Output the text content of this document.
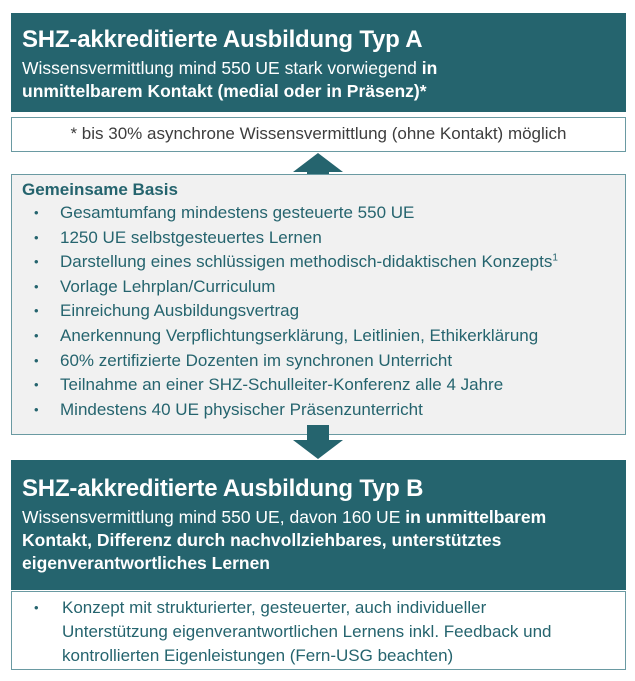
SHZ-akkreditierte Ausbildung Typ A
Wissensvermittlung mind 550 UE stark vorwiegend in
unmittelbarem Kontakt (medial oder in Präsenz)*
* bis 30% asynchrone Wissensvermittlung (ohne Kontakt) möglich
Gemeinsame Basis
• Gesamtumfang mindestens gesteuerte 550 UE
• 1250 UE selbstgesteuertes Lernen
• Darstellung eines schlüssigen methodisch-didaktischen Konzepts$^1$
• Vorlage Lehrplan/Curriculum
• Einreichung Ausbildungsvertrag
• Anerkennung Verpflichtungserklärung, Leitlinien, Ethikerklärung
• 60% zertifizierte Dozenten im synchronen Unterricht
• Teilnahme an einer SHZ-Schulleiter-Konferenz alle 4 Jahre
• Mindestens 40 UE physischer Präsenzunterricht
SHZ-akkreditierte Ausbildung Typ B
Wissensvermittlung mind 550 UE, davon 160 UE in unmittelbarem
Kontakt, Differenz durch nachvollziehbares, unterstütztes
eigenverantwortliches Lernen
• Konzept mit strukturierter, gesteuerter, auch individueller
Unterstützung eigenverantwortlichen Lernens inkl. Feedback und
kontrollierten Eigenleistungen (Fern-USG beachten)
